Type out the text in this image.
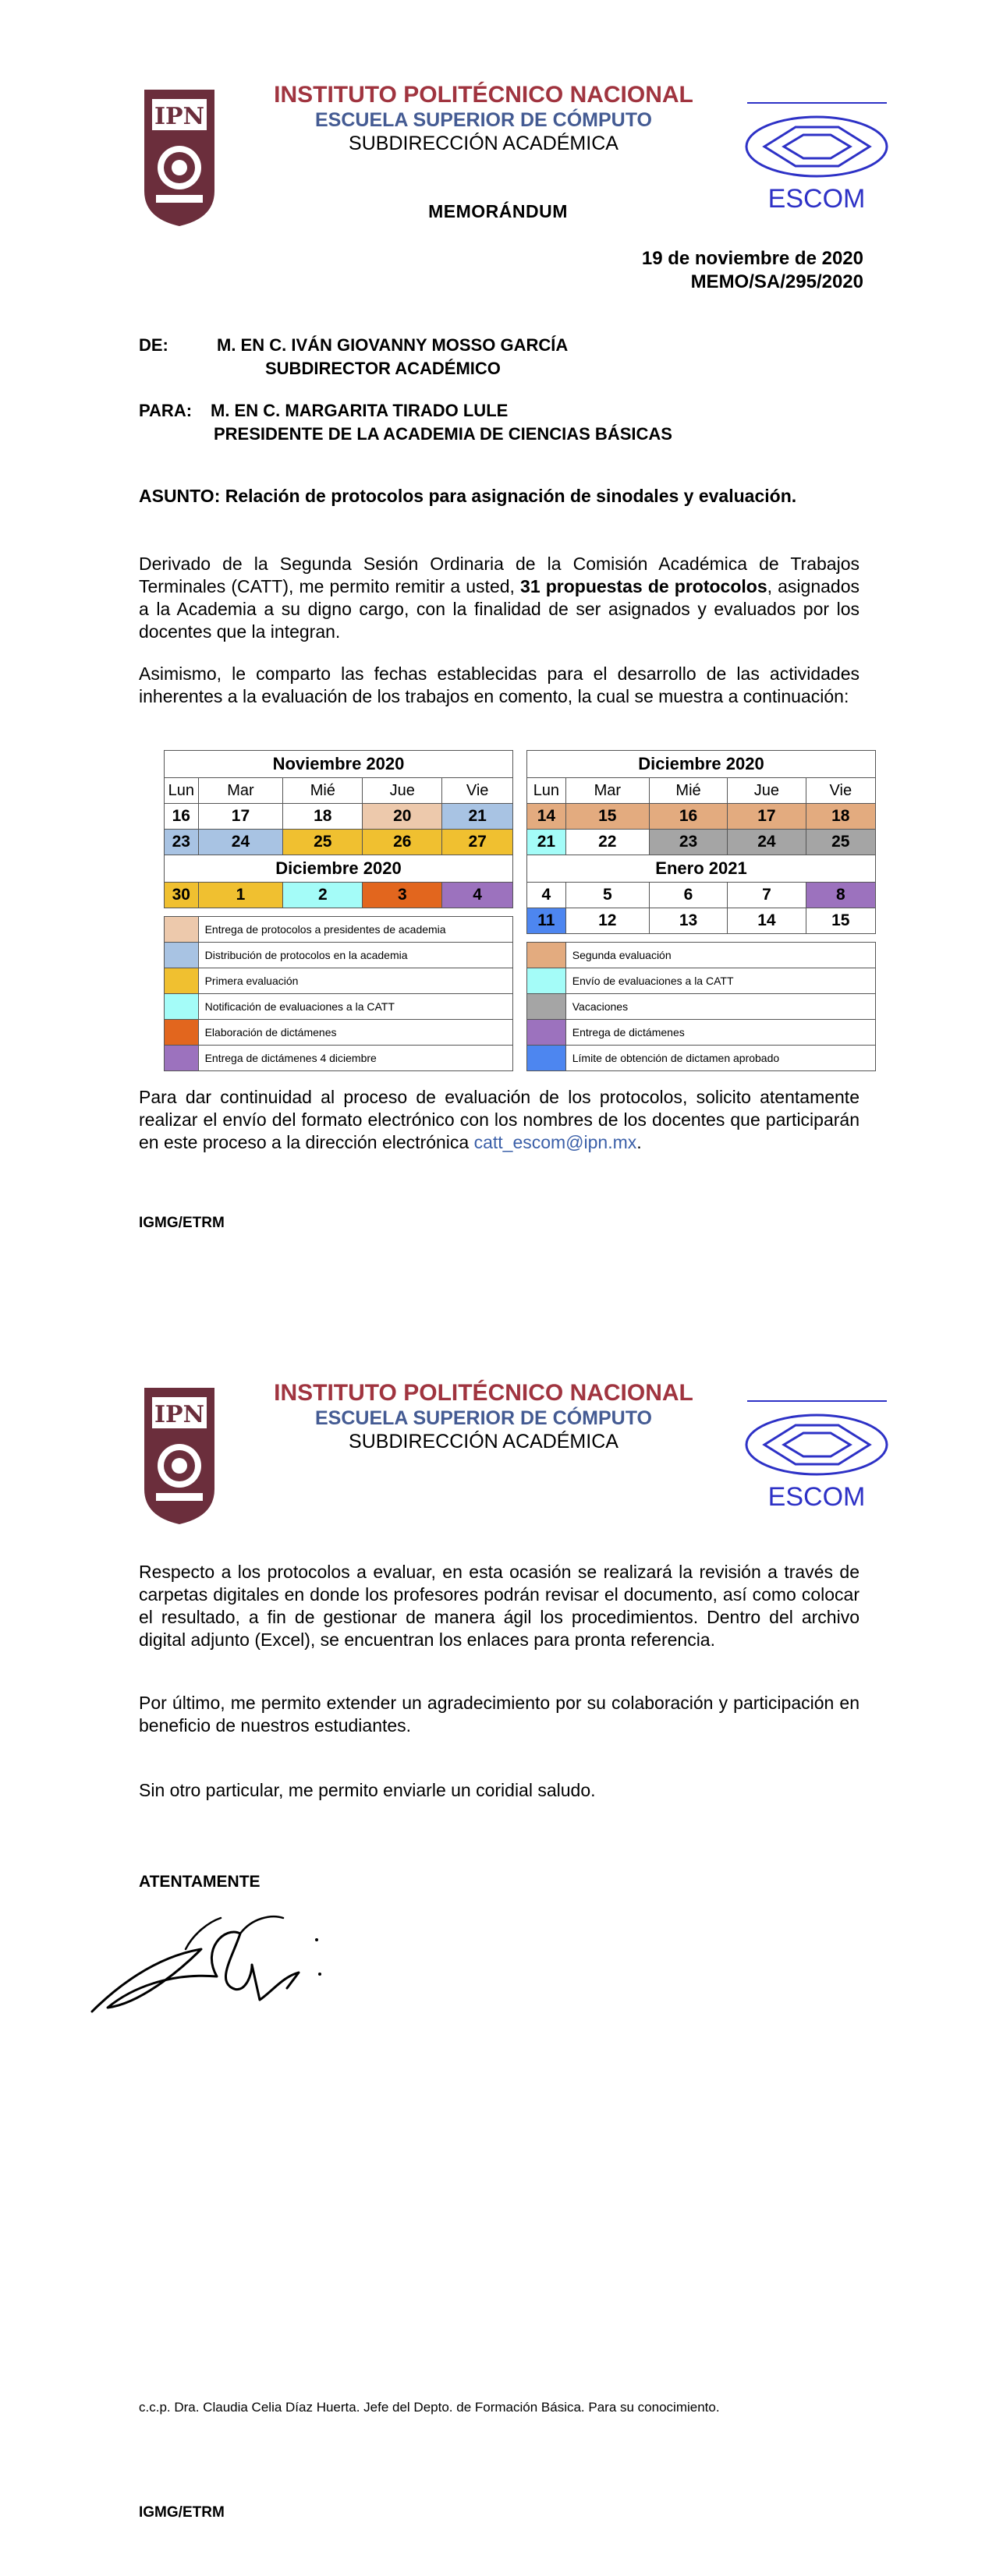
IPN
INSTITUTO POLITÉCNICO NACIONAL
ESCUELA SUPERIOR DE CÓMPUTO
SUBDIRECCIÓN ACADÉMICA
ESCOM
MEMORÁNDUM
19 de noviembre de 2020
MEMO/SA/295/2020
DE:	M. EN C. IVÁN GIOVANNY MOSSO GARCÍA
SUBDIRECTOR ACADÉMICO
PARA: M. EN C. MARGARITA TIRADO LULE
PRESIDENTE DE LA ACADEMIA DE CIENCIAS BÁSICAS
ASUNTO: Relación de protocolos para asignación de sinodales y evaluación.
Derivado de la Segunda Sesión Ordinaria de la Comisión Académica de Trabajos Terminales (CATT), me permito remitir a usted, 31 propuestas de protocolos, asignados a la Academia a su digno cargo, con la finalidad de ser asignados y evaluados por los docentes que la integran.
Asimismo, le comparto las fechas establecidas para el desarrollo de las actividades inherentes a la evaluación de los trabajos en comento, la cual se muestra a continuación:
Noviembre 2020				
Lun	Mar	Mié	Jue	Vie
16	17	18	20	21
23	24	25	26	27
Diciembre 2020				
30	1	2	3	4

	Entrega de protocolos a presidentes de academia			
	Distribución de protocolos en la academia			
	Primera evaluación			
	Notificación de evaluaciones a la CATT			
	Elaboración de dictámenes			
	Entrega de dictámenes 4 diciembre			
Diciembre 2020				
Lun	Mar	Mié	Jue	Vie
14	15	16	17	18
21	22	23	24	25
Enero 2021				
4	5	6	7	8
11	12	13	14	15

	Segunda evaluación			
	Envío de evaluaciones a la CATT			
	Vacaciones			
	Entrega de dictámenes			
	Límite de obtención de dictamen aprobado			
Para dar continuidad al proceso de evaluación de los protocolos, solicito atentamente realizar el envío del formato electrónico con los nombres de los docentes que participarán en este proceso a la dirección electrónica catt_escom@ipn.mx.
IGMG/ETRM
IPN
INSTITUTO POLITÉCNICO NACIONAL
ESCUELA SUPERIOR DE CÓMPUTO
SUBDIRECCIÓN ACADÉMICA
ESCOM
Respecto a los protocolos a evaluar, en esta ocasión se realizará la revisión a través de carpetas digitales en donde los profesores podrán revisar el documento, así como colocar el resultado, a fin de gestionar de manera ágil los procedimientos. Dentro del archivo digital adjunto (Excel), se encuentran los enlaces para pronta referencia.
Por último, me permito extender un agradecimiento por su colaboración y participación en beneficio de nuestros estudiantes.
Sin otro particular, me permito enviarle un coridial saludo.
ATENTAMENTE
c.c.p. Dra. Claudia Celia Díaz Huerta. Jefe del Depto. de Formación Básica. Para su conocimiento.
IGMG/ETRM
